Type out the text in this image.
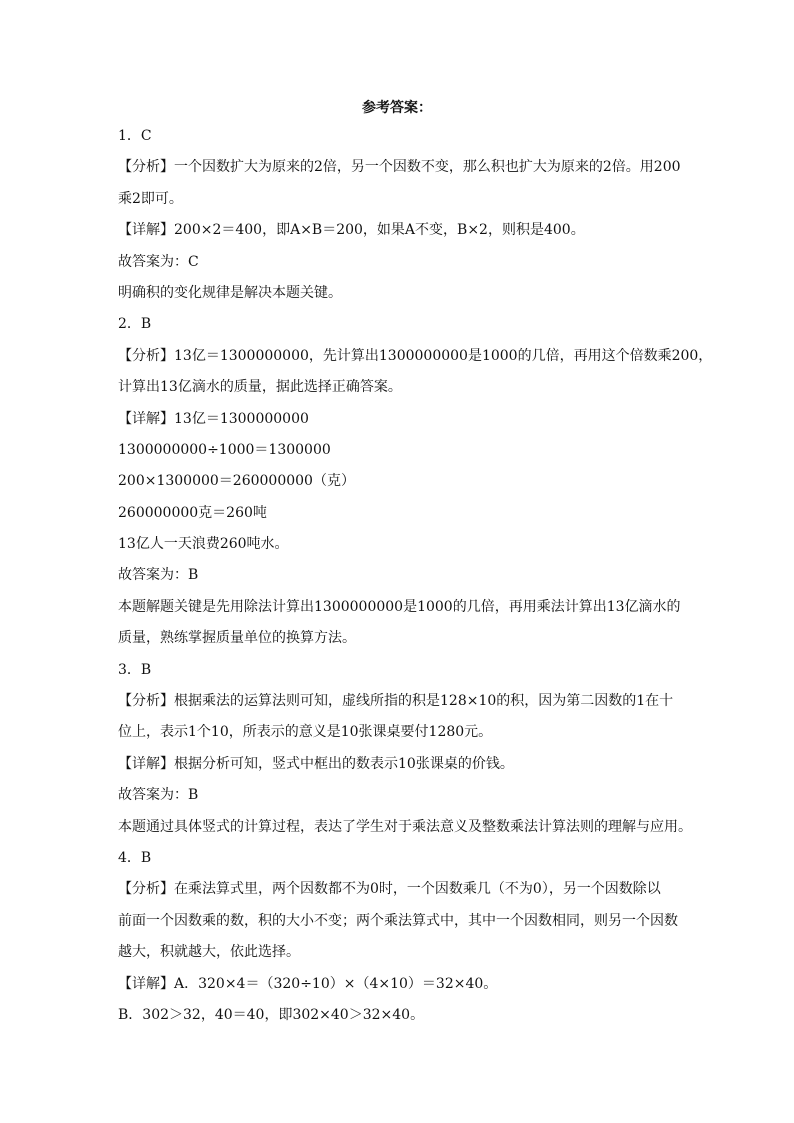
参考答案：
1．C
【分析】一个因数扩大为原来的2倍，另一个因数不变，那么积也扩大为原来的2倍。用200
乘2即可。
【详解】200×2＝400，即A×B＝200，如果A不变，B×2，则积是400。
故答案为：C
明确积的变化规律是解决本题关键。
2．B
【分析】13亿＝1300000000，先计算出1300000000是1000的几倍，再用这个倍数乘200，
计算出13亿滴水的质量，据此选择正确答案。
【详解】13亿＝1300000000
1300000000÷1000＝1300000
200×1300000＝260000000（克）
260000000克＝260吨
13亿人一天浪费260吨水。
故答案为：B
本题解题关键是先用除法计算出1300000000是1000的几倍，再用乘法计算出13亿滴水的
质量，熟练掌握质量单位的换算方法。
3．B
【分析】根据乘法的运算法则可知，虚线所指的积是128×10的积，因为第二因数的1在十
位上，表示1个10，所表示的意义是10张课桌要付1280元。
【详解】根据分析可知，竖式中框出的数表示10张课桌的价钱。
故答案为：B
本题通过具体竖式的计算过程，表达了学生对于乘法意义及整数乘法计算法则的理解与应用。
4．B
【分析】在乘法算式里，两个因数都不为0时，一个因数乘几（不为0），另一个因数除以
前面一个因数乘的数，积的大小不变；两个乘法算式中，其中一个因数相同，则另一个因数
越大，积就越大，依此选择。
【详解】A．320×4＝（320÷10）×（4×10）＝32×40。
B．302＞32，40＝40，即302×40＞32×40。
